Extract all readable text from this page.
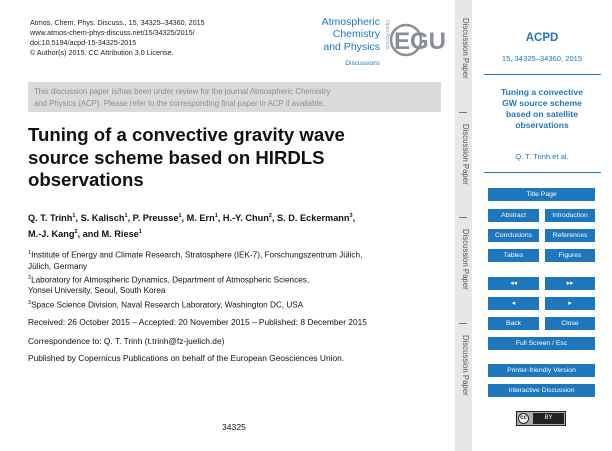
Atmos. Chem. Phys. Discuss., 15, 34325–34360, 2015
www.atmos-chem-phys-discuss.net/15/34325/2015/
doi:10.5194/acpd-15-34325-2015
© Author(s) 2015. CC Attribution 3.0 License.
Atmospheric
Chemistry
and Physics
Discussions
Open Access EGU
This discussion paper is/has been under review for the journal Atmospheric Chemistry
and Physics (ACP). Please refer to the corresponding final paper in ACP if available.
Tuning of a convective gravity wave
source scheme based on HIRDLS
observations
Q. T. Trinh$^1$, S. Kalisch$^1$, P. Preusse$^1$, M. Ern$^1$, H.-Y. Chun$^2$, S. D. Eckermann$^3$,
M.-J. Kang$^2$, and M. Riese$^1$
$^1$Institute of Energy and Climate Research, Stratosphere (IEK-7), Forschungszentrum Jülich,
Jülich, Germany
$^2$Laboratory for Atmospheric Dynamics, Department of Atmospheric Sciences,
Yonsei University, Seoul, South Korea
$^3$Space Science Division, Naval Research Laboratory, Washington DC, USA
Received: 26 October 2015 – Accepted: 20 November 2015 – Published: 8 December 2015
Correspondence to: Q. T. Trinh (t.trinh@fz-juelich.de)
Published by Copernicus Publications on behalf of the European Geosciences Union.
34325
Discussion Paper
Discussion Paper
Discussion Paper
Discussion Paper
ACPD
15, 34325–34360, 2015
Tuning a convective
GW source scheme
based on satellite
observations
Q. T. Trinh et al.
Title Page
Abstract	Introduction
Conclusions	References
Tables	Figures
◂◂	▸▸
◂	▸
Back	Close
Full Screen / Esc
Printer-friendly Version
Interactive Discussion
cc	BY
